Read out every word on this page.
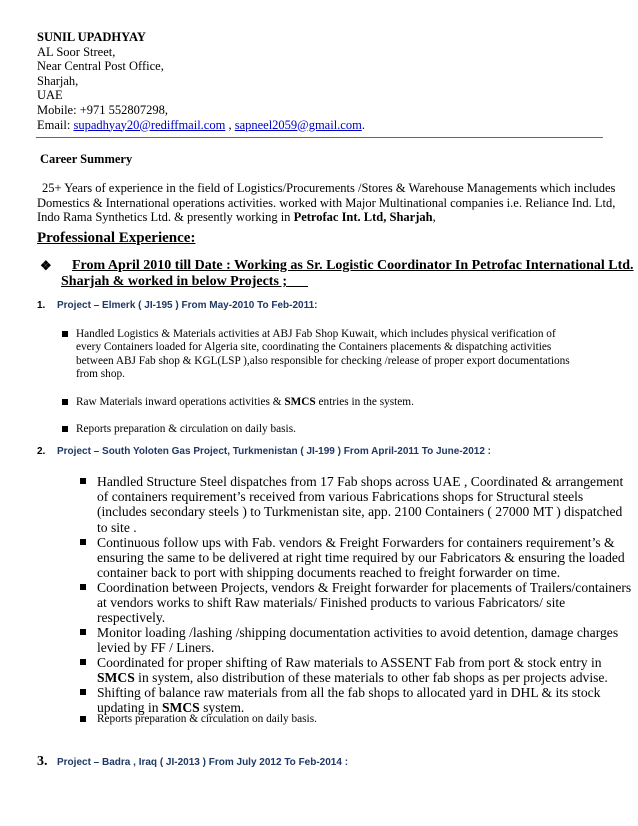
SUNIL UPADHYAY
AL Soor Street,
Near Central Post Office,
Sharjah,
UAE
Mobile: +971 552807298,
Email: supadhyay20@rediffmail.com , sapneel2059@gmail.com.
Career Summery
25+ Years of experience in the field of Logistics/Procurements /Stores & Warehouse Managements which includes
Domestics & International operations activities. worked with Major Multinational companies i.e. Reliance Ind. Ltd,
Indo Rama Synthetics Ltd. & presently working in Petrofac Int. Ltd, Sharjah,
Professional Experience:
❖ From April 2010 till Date : Working as Sr. Logistic Coordinator In Petrofac International Ltd.
Sharjah & worked in below Projects ;
1. Project – Elmerk ( JI-195 ) From May-2010 To Feb-2011:
Handled Logistics & Materials activities at ABJ Fab Shop Kuwait, which includes physical verification of
every Containers loaded for Algeria site, coordinating the Containers placements & dispatching activities
between ABJ Fab shop & KGL(LSP ),also responsible for checking /release of proper export documentations
from shop.
Raw Materials inward operations activities & SMCS entries in the system.
Reports preparation & circulation on daily basis.
2. Project – South Yoloten Gas Project, Turkmenistan ( JI-199 ) From April-2011 To June-2012 :
Handled Structure Steel dispatches from 17 Fab shops across UAE , Coordinated & arrangement
of containers requirement’s received from various Fabrications shops for Structural steels
(includes secondary steels ) to Turkmenistan site, app. 2100 Containers ( 27000 MT ) dispatched
to site .
Continuous follow ups with Fab. vendors & Freight Forwarders for containers requirement’s &
ensuring the same to be delivered at right time required by our Fabricators & ensuring the loaded
container back to port with shipping documents reached to freight forwarder on time.
Coordination between Projects, vendors & Freight forwarder for placements of Trailers/containers
at vendors works to shift Raw materials/ Finished products to various Fabricators/ site
respectively.
Monitor loading /lashing /shipping documentation activities to avoid detention, damage charges
levied by FF / Liners.
Coordinated for proper shifting of Raw materials to ASSENT Fab from port & stock entry in
SMCS in system, also distribution of these materials to other fab shops as per projects advise.
Shifting of balance raw materials from all the fab shops to allocated yard in DHL & its stock
updating in SMCS system.
Reports preparation & circulation on daily basis.
3. Project – Badra , Iraq ( JI-2013 ) From July 2012 To Feb-2014 :
